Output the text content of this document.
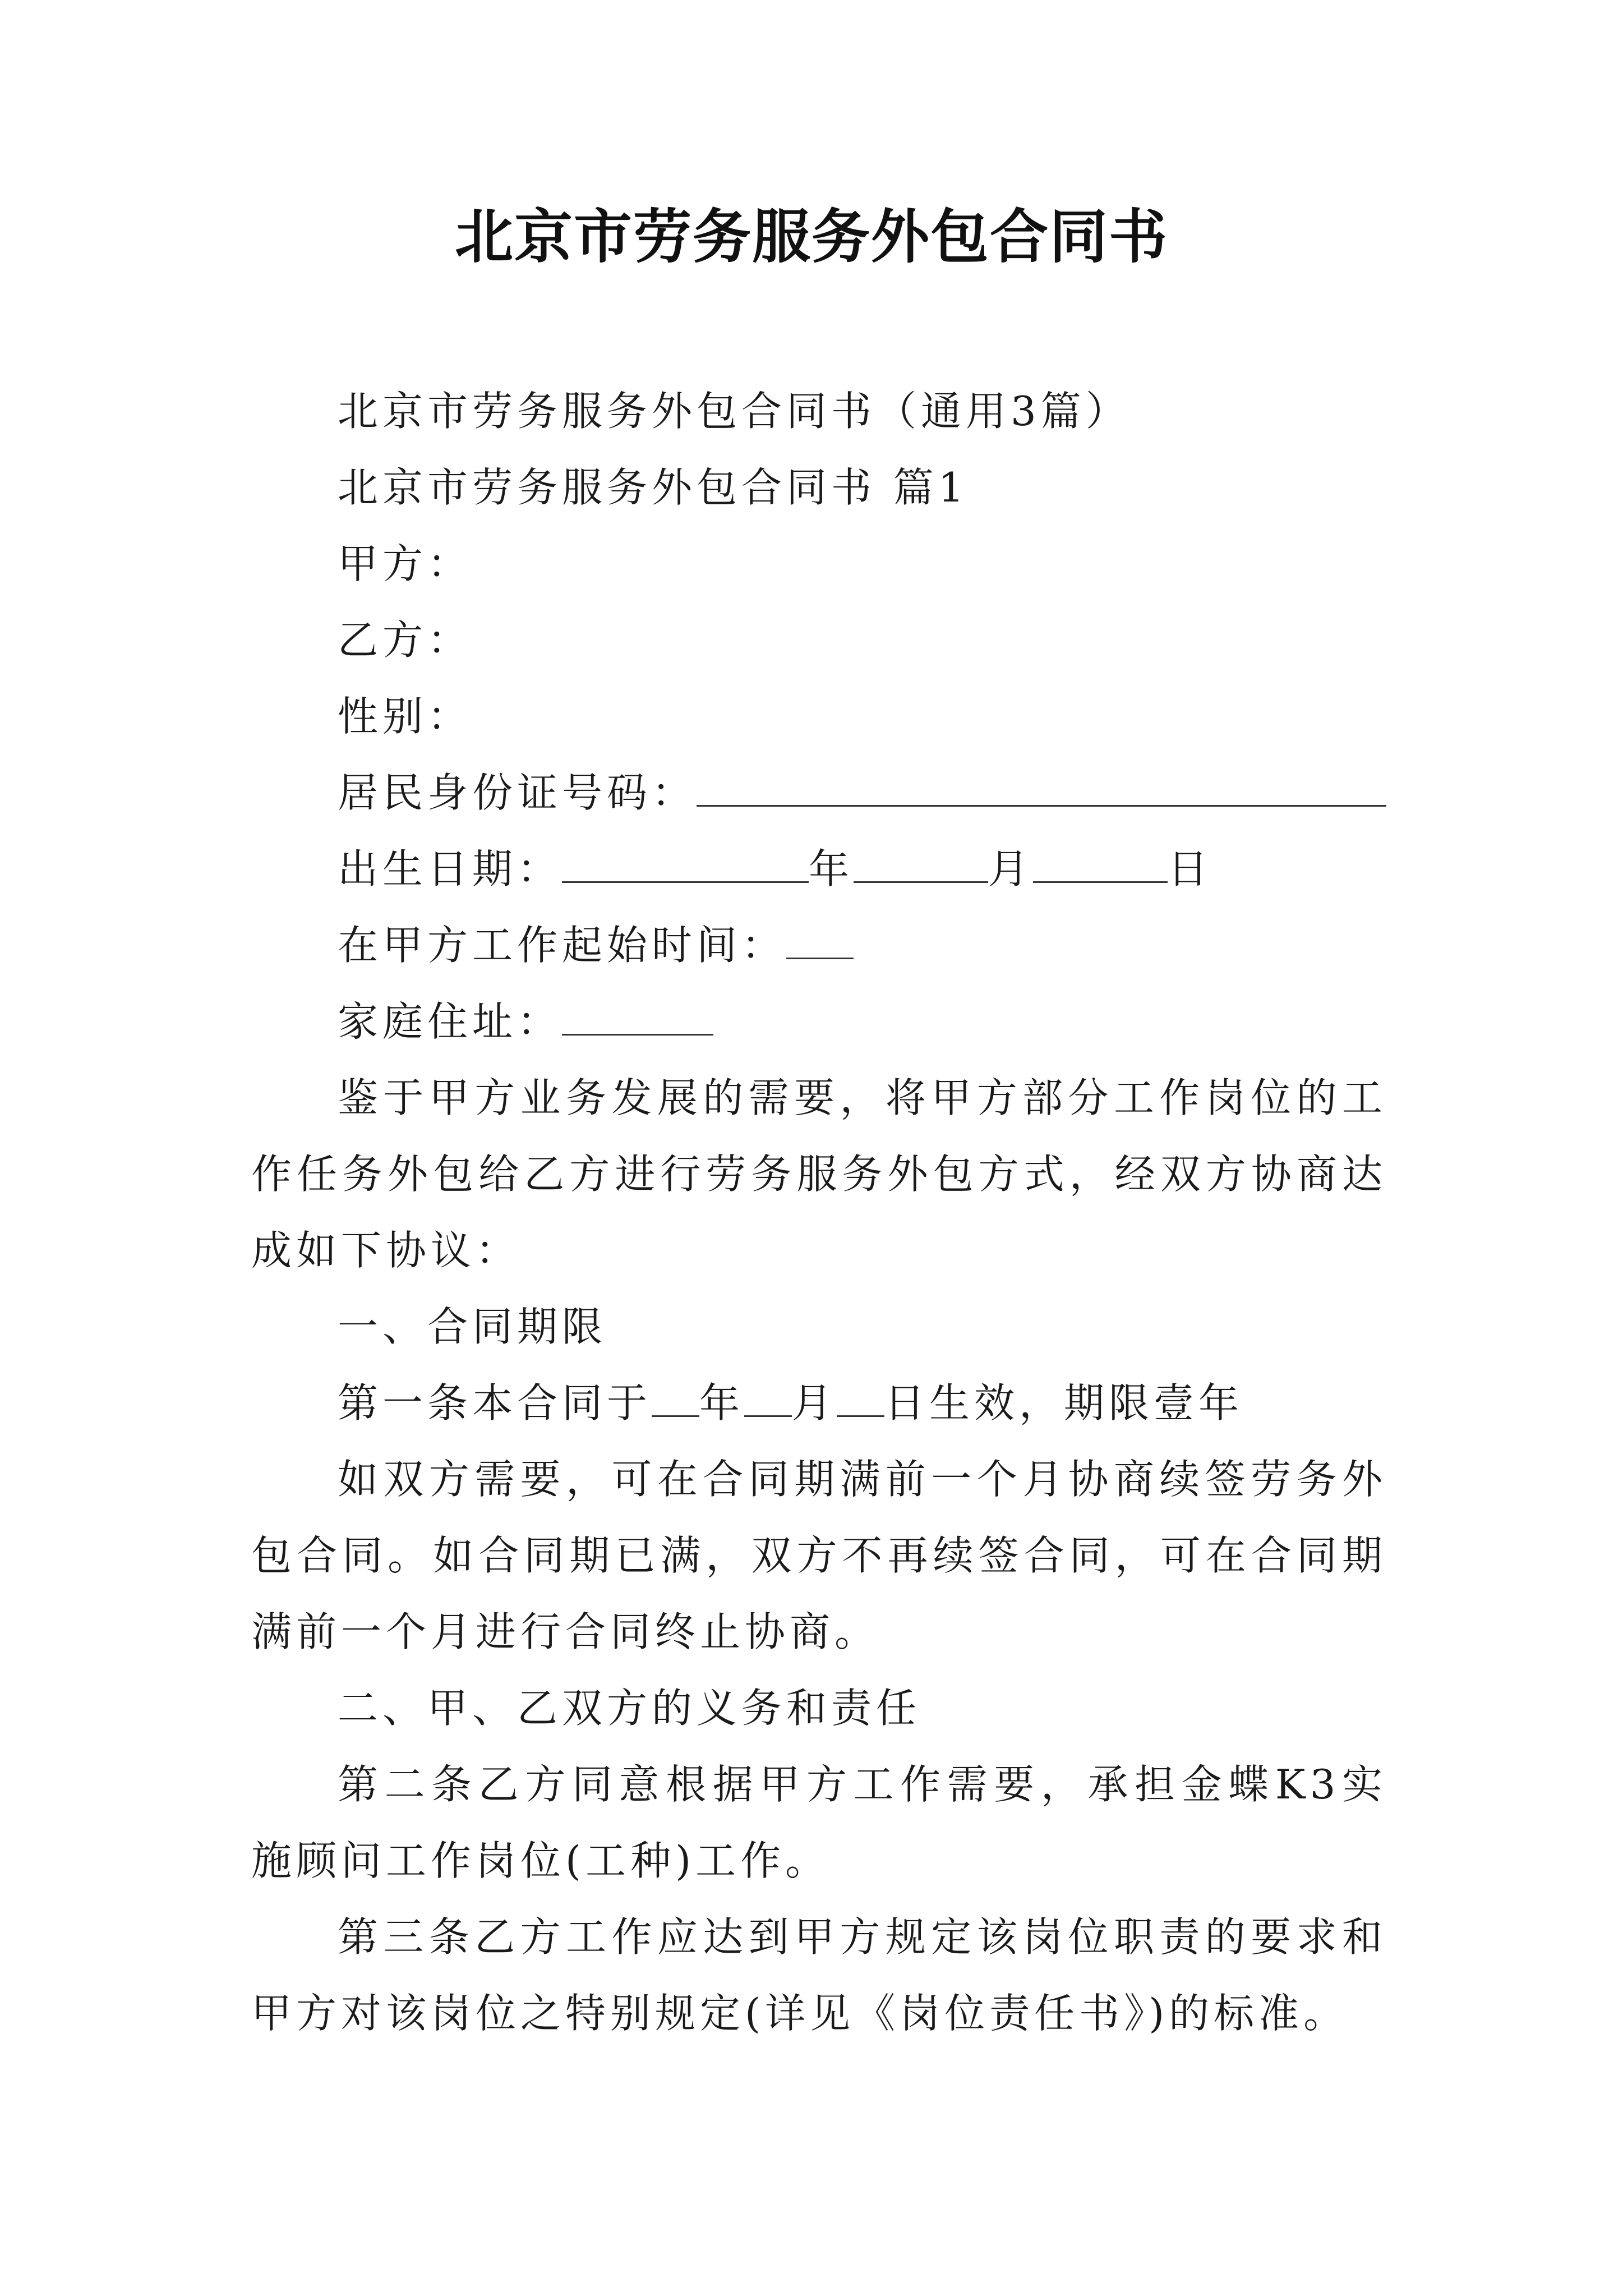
北京市劳务服务外包合同书

北京市劳务服务外包合同书（通用3篇）

北京市劳务服务外包合同书 篇1

甲方：

乙方：

性别：

居民身份证号码：

出生日期：	年	月	日

在甲方工作起始时间：

家庭住址：

鉴于甲方业务发展的需要，将甲方部分工作岗位的工作任务外包给乙方进行劳务服务外包方式，经双方协商达成如下协议：

一、合同期限

第一条本合同于 年 月 日生效，期限壹年

如双方需要，可在合同期满前一个月协商续签劳务外包合同。如合同期已满，双方不再续签合同，可在合同期满前一个月进行合同终止协商。

二、甲、乙双方的义务和责任

第二条乙方同意根据甲方工作需要，承担金蝶K3实施顾问工作岗位(工种)工作。

第三条乙方工作应达到甲方规定该岗位职责的要求和甲方对该岗位之特别规定(详见《岗位责任书》)的标准。
